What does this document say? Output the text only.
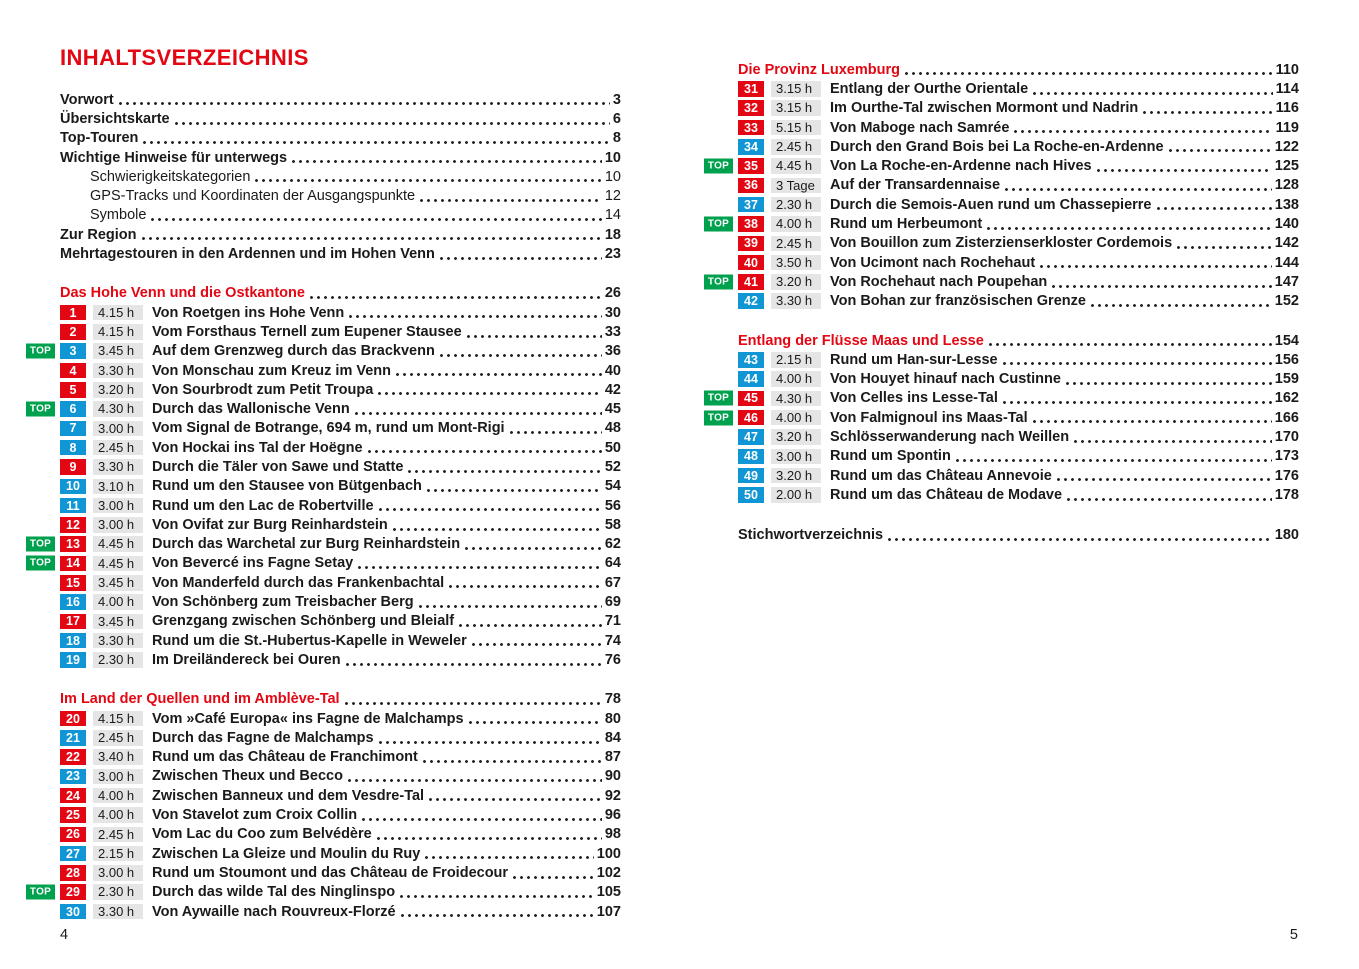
INHALTSVERZEICHNIS
Vorwort	3
Übersichtskarte	6
Top-Touren	8
Wichtige Hinweise für unterwegs	10
Schwierigkeitskategorien	10
GPS-Tracks und Koordinaten der Ausgangspunkte	12
Symbole	14
Zur Region	18
Mehrtagestouren in den Ardennen und im Hohen Venn	23
Das Hohe Venn und die Ostkantone	26
1	4.15 h	Von Roetgen ins Hohe Venn	30
2	4.15 h	Vom Forsthaus Ternell zum Eupener Stausee	33
TOP	3	3.45 h	Auf dem Grenzweg durch das Brackvenn	36
4	3.30 h	Von Monschau zum Kreuz im Venn	40
5	3.20 h	Von Sourbrodt zum Petit Troupa	42
TOP	6	4.30 h	Durch das Wallonische Venn	45
7	3.00 h	Vom Signal de Botrange, 694 m, rund um Mont-Rigi	48
8	2.45 h	Von Hockai ins Tal der Hoëgne	50
9	3.30 h	Durch die Täler von Sawe und Statte	52
10	3.10 h	Rund um den Stausee von Bütgenbach	54
11	3.00 h	Rund um den Lac de Robertville	56
12	3.00 h	Von Ovifat zur Burg Reinhardstein	58
TOP	13	4.45 h	Durch das Warchetal zur Burg Reinhardstein	62
TOP	14	4.45 h	Von Bevercé ins Fagne Setay	64
15	3.45 h	Von Manderfeld durch das Frankenbachtal	67
16	4.00 h	Von Schönberg zum Treisbacher Berg	69
17	3.45 h	Grenzgang zwischen Schönberg und Bleialf	71
18	3.30 h	Rund um die St.-Hubertus-Kapelle in Weweler	74
19	2.30 h	Im Dreiländereck bei Ouren	76
Im Land der Quellen und im Amblève-Tal	78
20	4.15 h	Vom »Café Europa« ins Fagne de Malchamps	80
21	2.45 h	Durch das Fagne de Malchamps	84
22	3.40 h	Rund um das Château de Franchimont	87
23	3.00 h	Zwischen Theux und Becco	90
24	4.00 h	Zwischen Banneux und dem Vesdre-Tal	92
25	4.00 h	Von Stavelot zum Croix Collin	96
26	2.45 h	Vom Lac du Coo zum Belvédère	98
27	2.15 h	Zwischen La Gleize und Moulin du Ruy	100
28	3.00 h	Rund um Stoumont und das Château de Froidecour	102
TOP	29	2.30 h	Durch das wilde Tal des Ninglinspo	105
30	3.30 h	Von Aywaille nach Rouvreux-Florzé	107
Die Provinz Luxemburg	110
31	3.15 h	Entlang der Ourthe Orientale	114
32	3.15 h	Im Ourthe-Tal zwischen Mormont und Nadrin	116
33	5.15 h	Von Maboge nach Samrée	119
34	2.45 h	Durch den Grand Bois bei La Roche-en-Ardenne	122
TOP	35	4.45 h	Von La Roche-en-Ardenne nach Hives	125
36	3 Tage	Auf der Transardennaise	128
37	2.30 h	Durch die Semois-Auen rund um Chassepierre	138
TOP	38	4.00 h	Rund um Herbeumont	140
39	2.45 h	Von Bouillon zum Zisterzienserkloster Cordemois	142
40	3.50 h	Von Ucimont nach Rochehaut	144
TOP	41	3.20 h	Von Rochehaut nach Poupehan	147
42	3.30 h	Von Bohan zur französischen Grenze	152
Entlang der Flüsse Maas und Lesse	154
43	2.15 h	Rund um Han-sur-Lesse	156
44	4.00 h	Von Houyet hinauf nach Custinne	159
TOP	45	4.30 h	Von Celles ins Lesse-Tal	162
TOP	46	4.00 h	Von Falmignoul ins Maas-Tal	166
47	3.20 h	Schlösserwanderung nach Weillen	170
48	3.00 h	Rund um Spontin	173
49	3.20 h	Rund um das Château Annevoie	176
50	2.00 h	Rund um das Château de Modave	178
Stichwortverzeichnis	180
4	5
